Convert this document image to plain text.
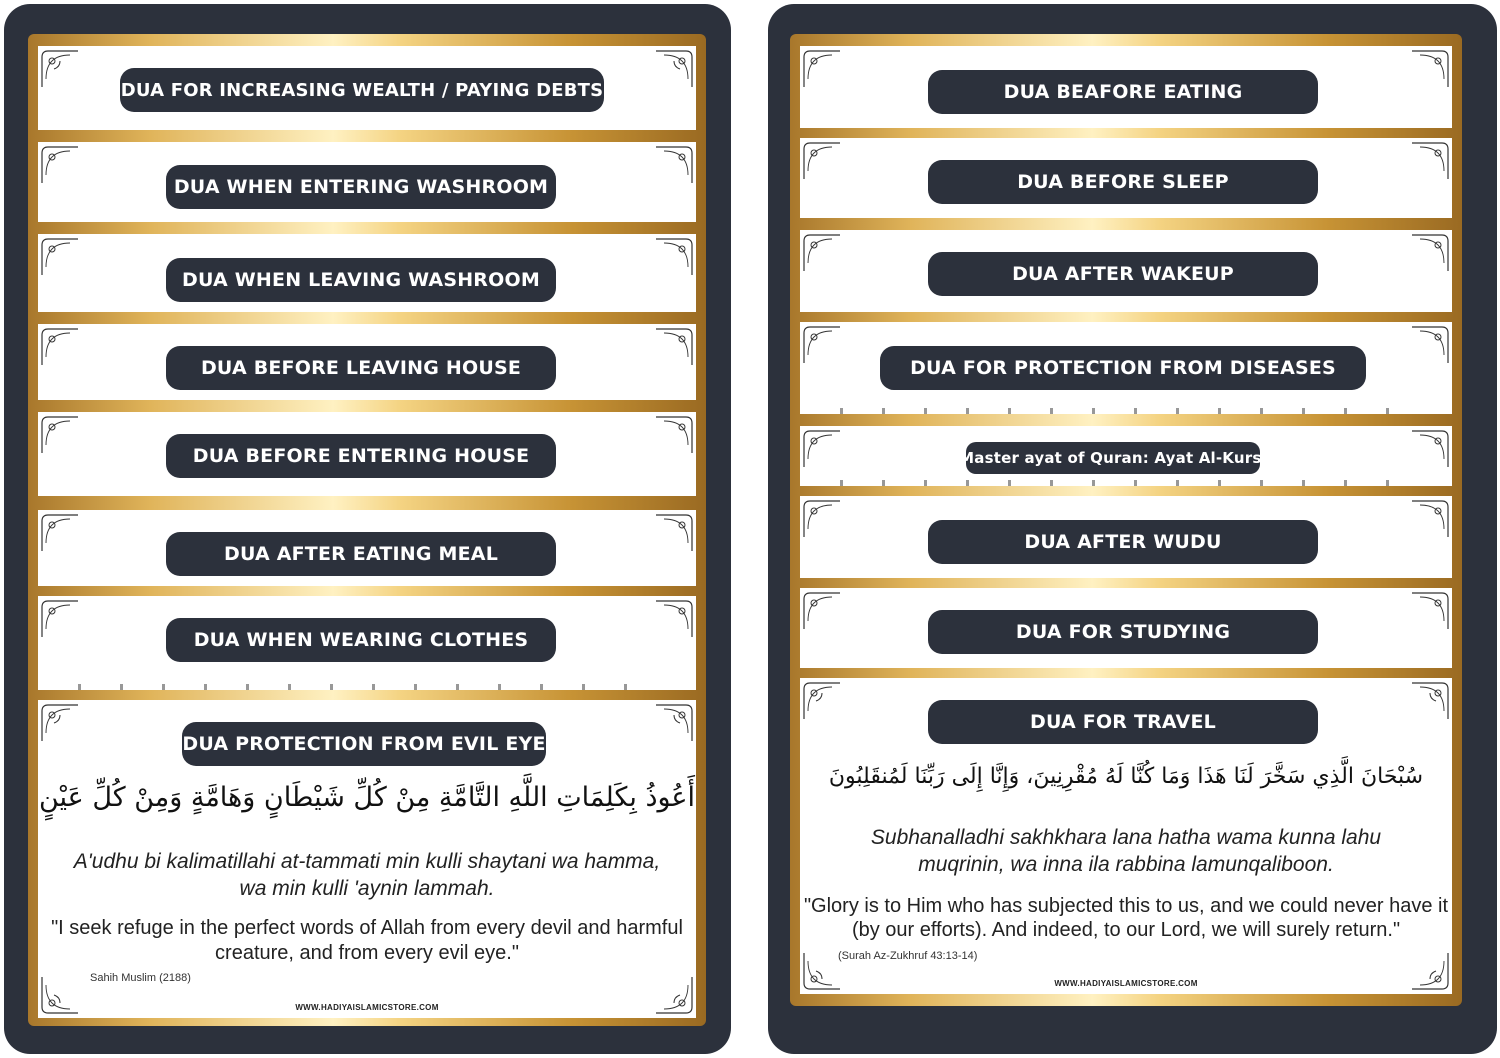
DUA FOR INCREASING WEALTH / PAYING DEBTS
DUA WHEN ENTERING WASHROOM
DUA WHEN LEAVING WASHROOM
DUA BEFORE LEAVING HOUSE
DUA BEFORE ENTERING HOUSE
DUA AFTER EATING MEAL
DUA WHEN WEARING CLOTHES
DUA PROTECTION FROM EVIL EYE
أَعُوذُ بِكَلِمَاتِ اللَّهِ التَّامَّةِ مِنْ كُلِّ شَيْطَانٍ وَهَامَّةٍ وَمِنْ كُلِّ عَيْنٍ
A'udhu bi kalimatillahi at-tammati min kulli shaytani wa hamma,
wa min kulli 'aynin lammah.
"I seek refuge in the perfect words of Allah from every devil and harmful
creature, and from every evil eye."
Sahih Muslim (2188)
WWW.HADIYAISLAMICSTORE.COM
DUA BEAFORE EATING
DUA BEFORE SLEEP
DUA AFTER WAKEUP
DUA FOR PROTECTION FROM DISEASES
Master ayat of Quran: Ayat Al-Kursi
DUA AFTER WUDU
DUA FOR STUDYING
DUA FOR TRAVEL
سُبْحَانَ الَّذِي سَخَّرَ لَنَا هَذَا وَمَا كُنَّا لَهُ مُقْرِنِينَ، وَإِنَّا إِلَى رَبِّنَا لَمُنقَلِبُونَ
Subhanalladhi sakhkhara lana hatha wama kunna lahu
muqrinin, wa inna ila rabbina lamunqaliboon.
"Glory is to Him who has subjected this to us, and we could never have it
(by our efforts). And indeed, to our Lord, we will surely return."
(Surah Az-Zukhruf 43:13-14)
WWW.HADIYAISLAMICSTORE.COM
